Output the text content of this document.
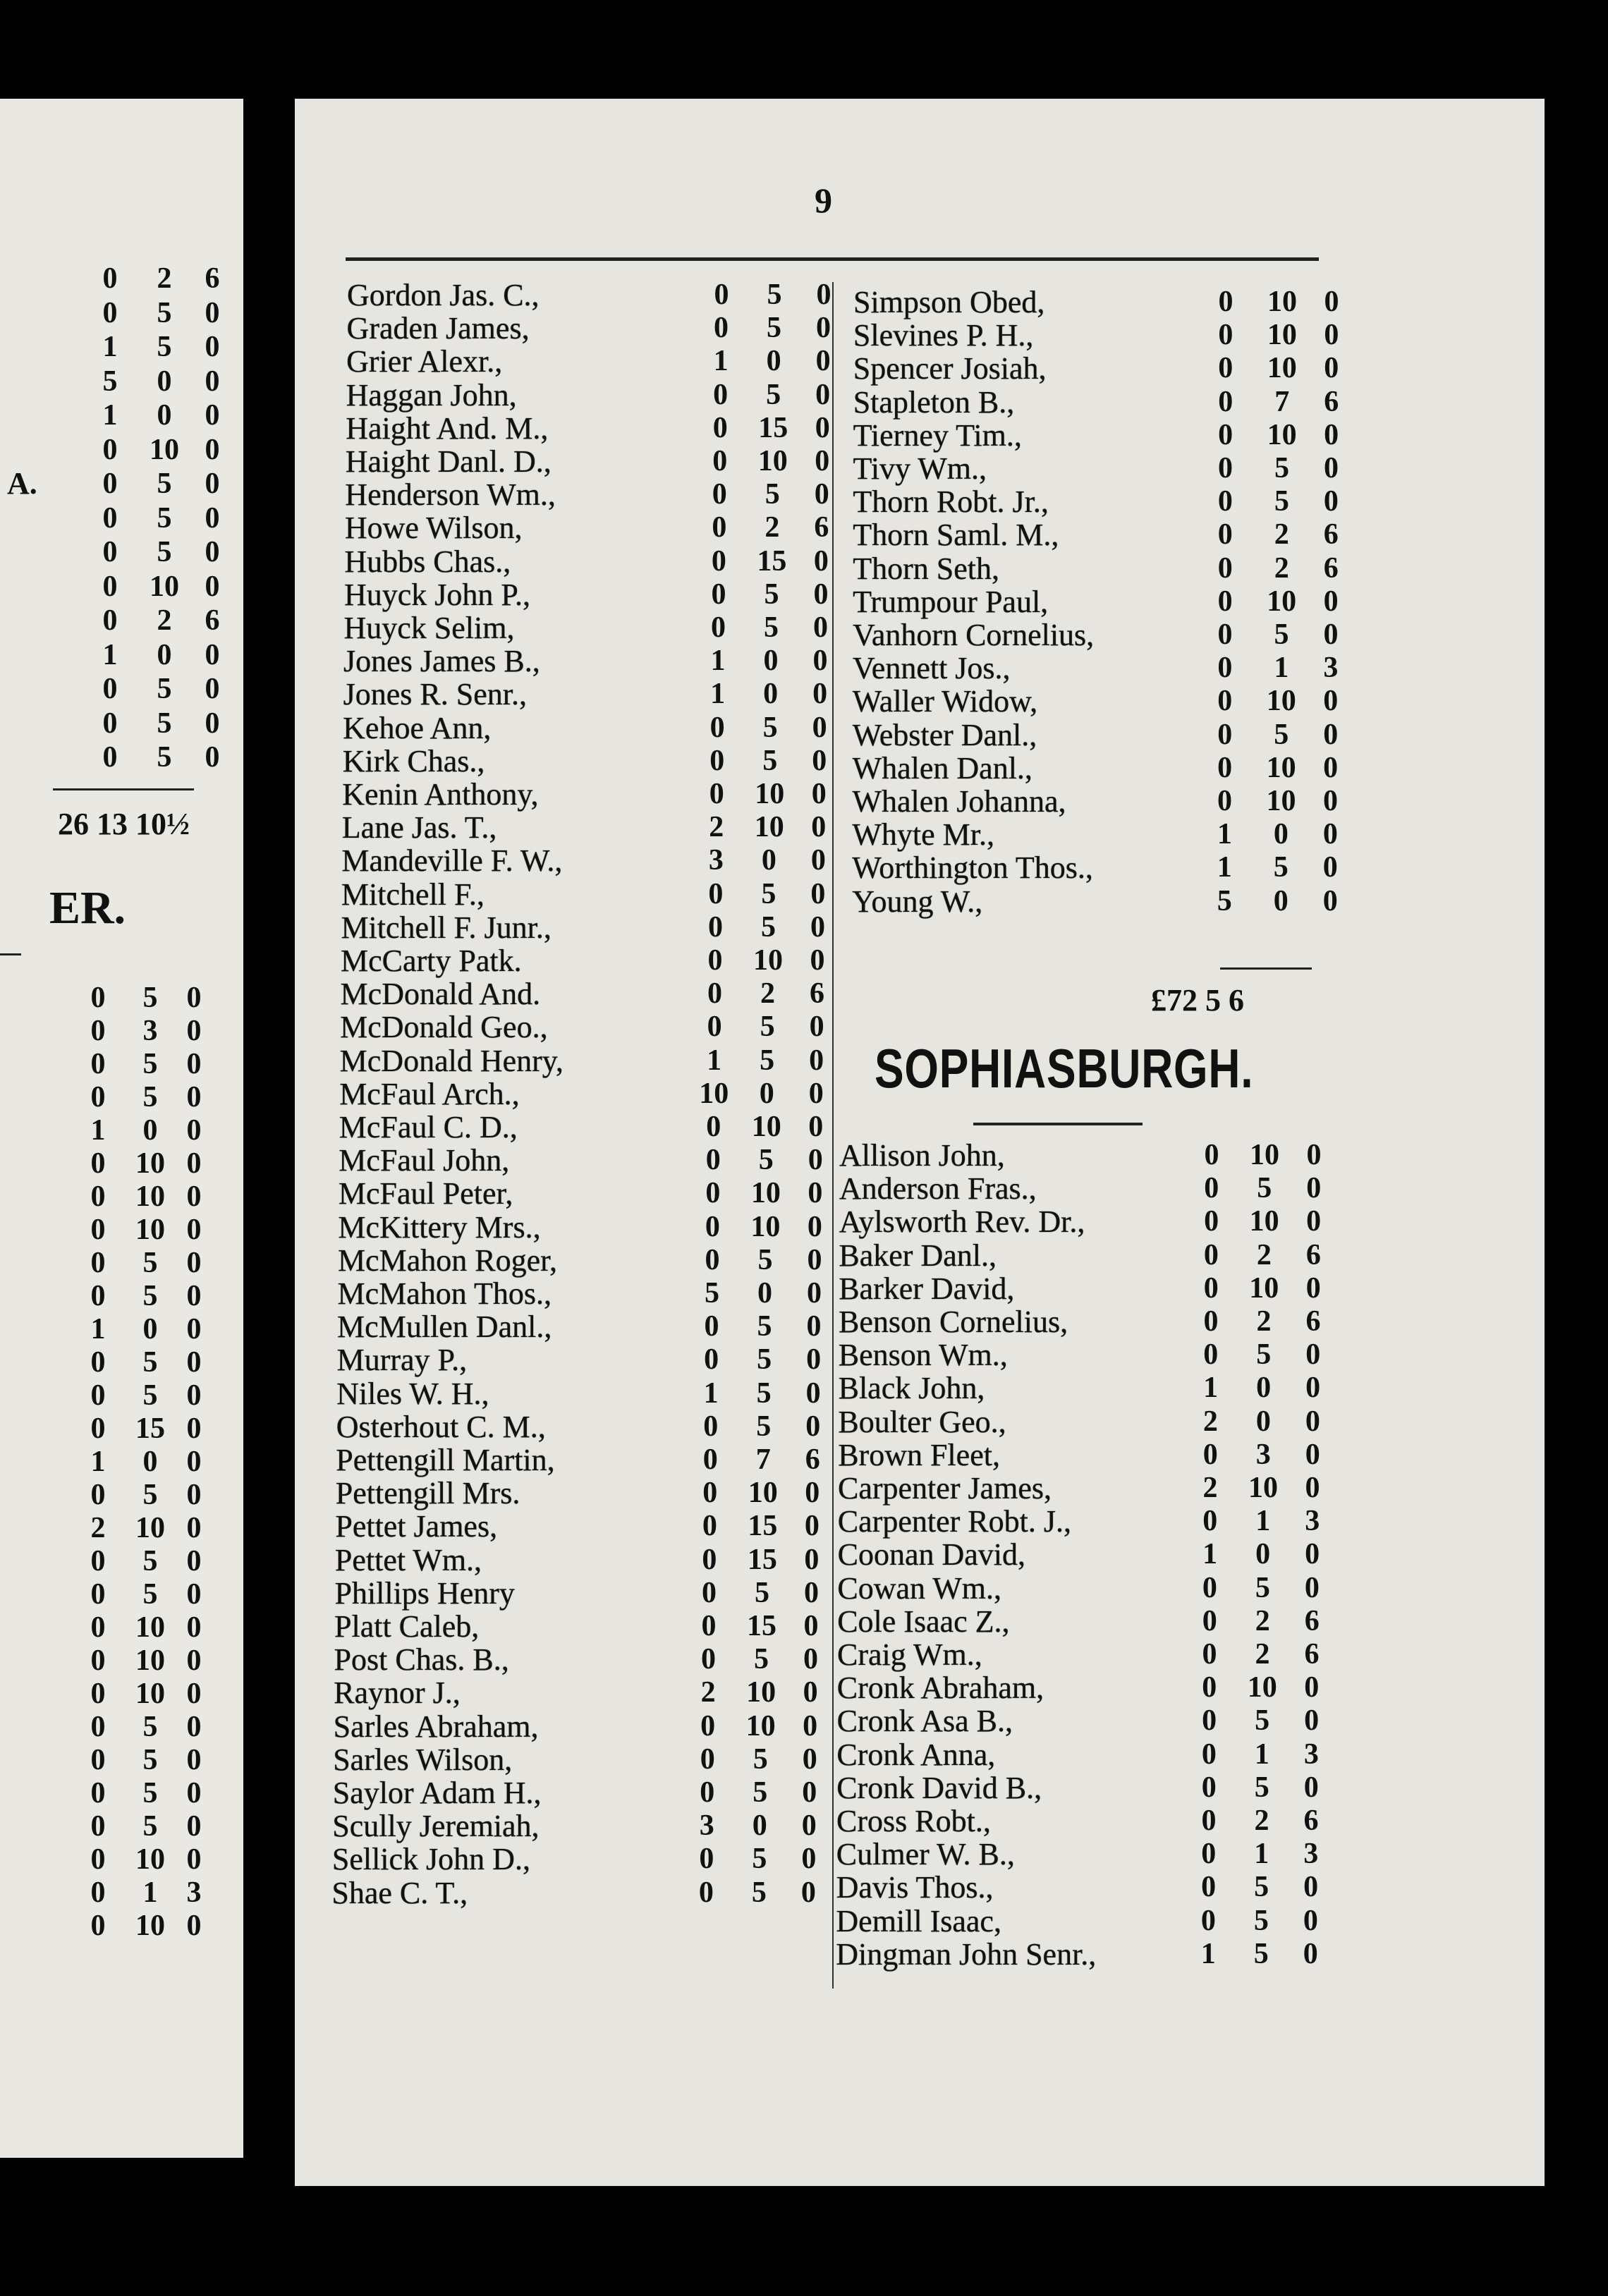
0 2 6
0 5 0
1 5 0
5 0 0
1 0 0
0	10 0
0 5 0
0 5 0
0 5 0
0	10 0
0 2 6
1 0 0
0 5 0
0 5 0
0 5 0
0 5 0
0 3 0
0 5 0
0 5 0
1 0 0
0	10 0
0	10 0
0	10 0
0 5 0
0 5 0
1 0 0
0 5 0
0 5 0
0	15 0
1 0 0
0 5 0
2	10 0
0 5 0
0 5 0
0	10 0
0	10 0
0	10 0
0 5 0
0 5 0
0 5 0
0 5 0
0	10 0
0 1 3
0	10 0
A.
26 13 10½
ER.
9
Gordon Jas. C.,	0 5 0
Graden James,	0 5 0
Grier Alexr.,	1 0 0
Haggan John,	0 5 0
Haight And. M.,	0	15 0
Haight Danl. D.,	0	10 0
Henderson Wm.,	0 5 0
Howe Wilson,	0 2 6
Hubbs Chas.,	0	15 0
Huyck John P.,	0 5 0
Huyck Selim,	0 5 0
Jones James B.,	1 0 0
Jones R. Senr.,	1 0 0
Kehoe Ann,	0 5 0
Kirk Chas.,	0 5 0
Kenin Anthony,	0	10 0
Lane Jas. T.,	2	10 0
Mandeville F. W.,	3 0 0
Mitchell F.,	0 5 0
Mitchell F. Junr.,	0 5 0
McCarty Patk.	0	10 0
McDonald And.	0 2 6
McDonald Geo.,	0 5 0
McDonald Henry,	1 5 0
McFaul Arch.,	10	0 0
McFaul C. D.,	0	10 0
McFaul John,	0 5 0
McFaul Peter,	0	10 0
McKittery Mrs.,	0	10 0
McMahon Roger,	0 5 0
McMahon Thos.,	5 0 0
McMullen Danl.,	0 5 0
Murray P.,	0 5 0
Niles W. H.,	1 5 0
Osterhout C. M.,	0 5 0
Pettengill Martin,	0 7 6
Pettengill Mrs.	0	10 0
Pettet James,	0	15 0
Pettet Wm.,	0	15 0
Phillips Henry	0 5 0
Platt Caleb,	0	15 0
Post Chas. B.,	0 5 0
Raynor J.,	2	10 0
Sarles Abraham,	0	10 0
Sarles Wilson,	0 5 0
Saylor Adam H.,	0 5 0
Scully Jeremiah,	3 0 0
Sellick John D.,	0 5 0
Shae C. T.,	0 5 0
Simpson Obed,	0	10 0
Slevines P. H.,	0	10 0
Spencer Josiah,	0	10 0
Stapleton B.,	0 7 6
Tierney Tim.,	0	10 0
Tivy Wm.,	0 5 0
Thorn Robt. Jr.,	0 5 0
Thorn Saml. M.,	0 2 6
Thorn Seth,	0 2 6
Trumpour Paul,	0	10 0
Vanhorn Cornelius,	0 5 0
Vennett Jos.,	0 1 3
Waller Widow,	0	10 0
Webster Danl.,	0 5 0
Whalen Danl.,	0	10 0
Whalen Johanna,	0	10 0
Whyte Mr.,	1 0 0
Worthington Thos.,	1 5 0
Young W.,	5 0 0
£72 5 6
SOPHIASBURGH.
Allison John,	0	10 0
Anderson Fras.,	0 5 0
Aylsworth Rev. Dr.,	0	10 0
Baker Danl.,	0 2 6
Barker David,	0	10 0
Benson Cornelius,	0 2 6
Benson Wm.,	0 5 0
Black John,	1 0 0
Boulter Geo.,	2 0 0
Brown Fleet,	0 3 0
Carpenter James,	2	10 0
Carpenter Robt. J.,	0 1 3
Coonan David,	1 0 0
Cowan Wm.,	0 5 0
Cole Isaac Z.,	0 2 6
Craig Wm.,	0 2 6
Cronk Abraham,	0	10 0
Cronk Asa B.,	0 5 0
Cronk Anna,	0 1 3
Cronk David B.,	0 5 0
Cross Robt.,	0 2 6
Culmer W. B.,	0 1 3
Davis Thos.,	0 5 0
Demill Isaac,	0 5 0
Dingman John Senr.,	1 5 0
